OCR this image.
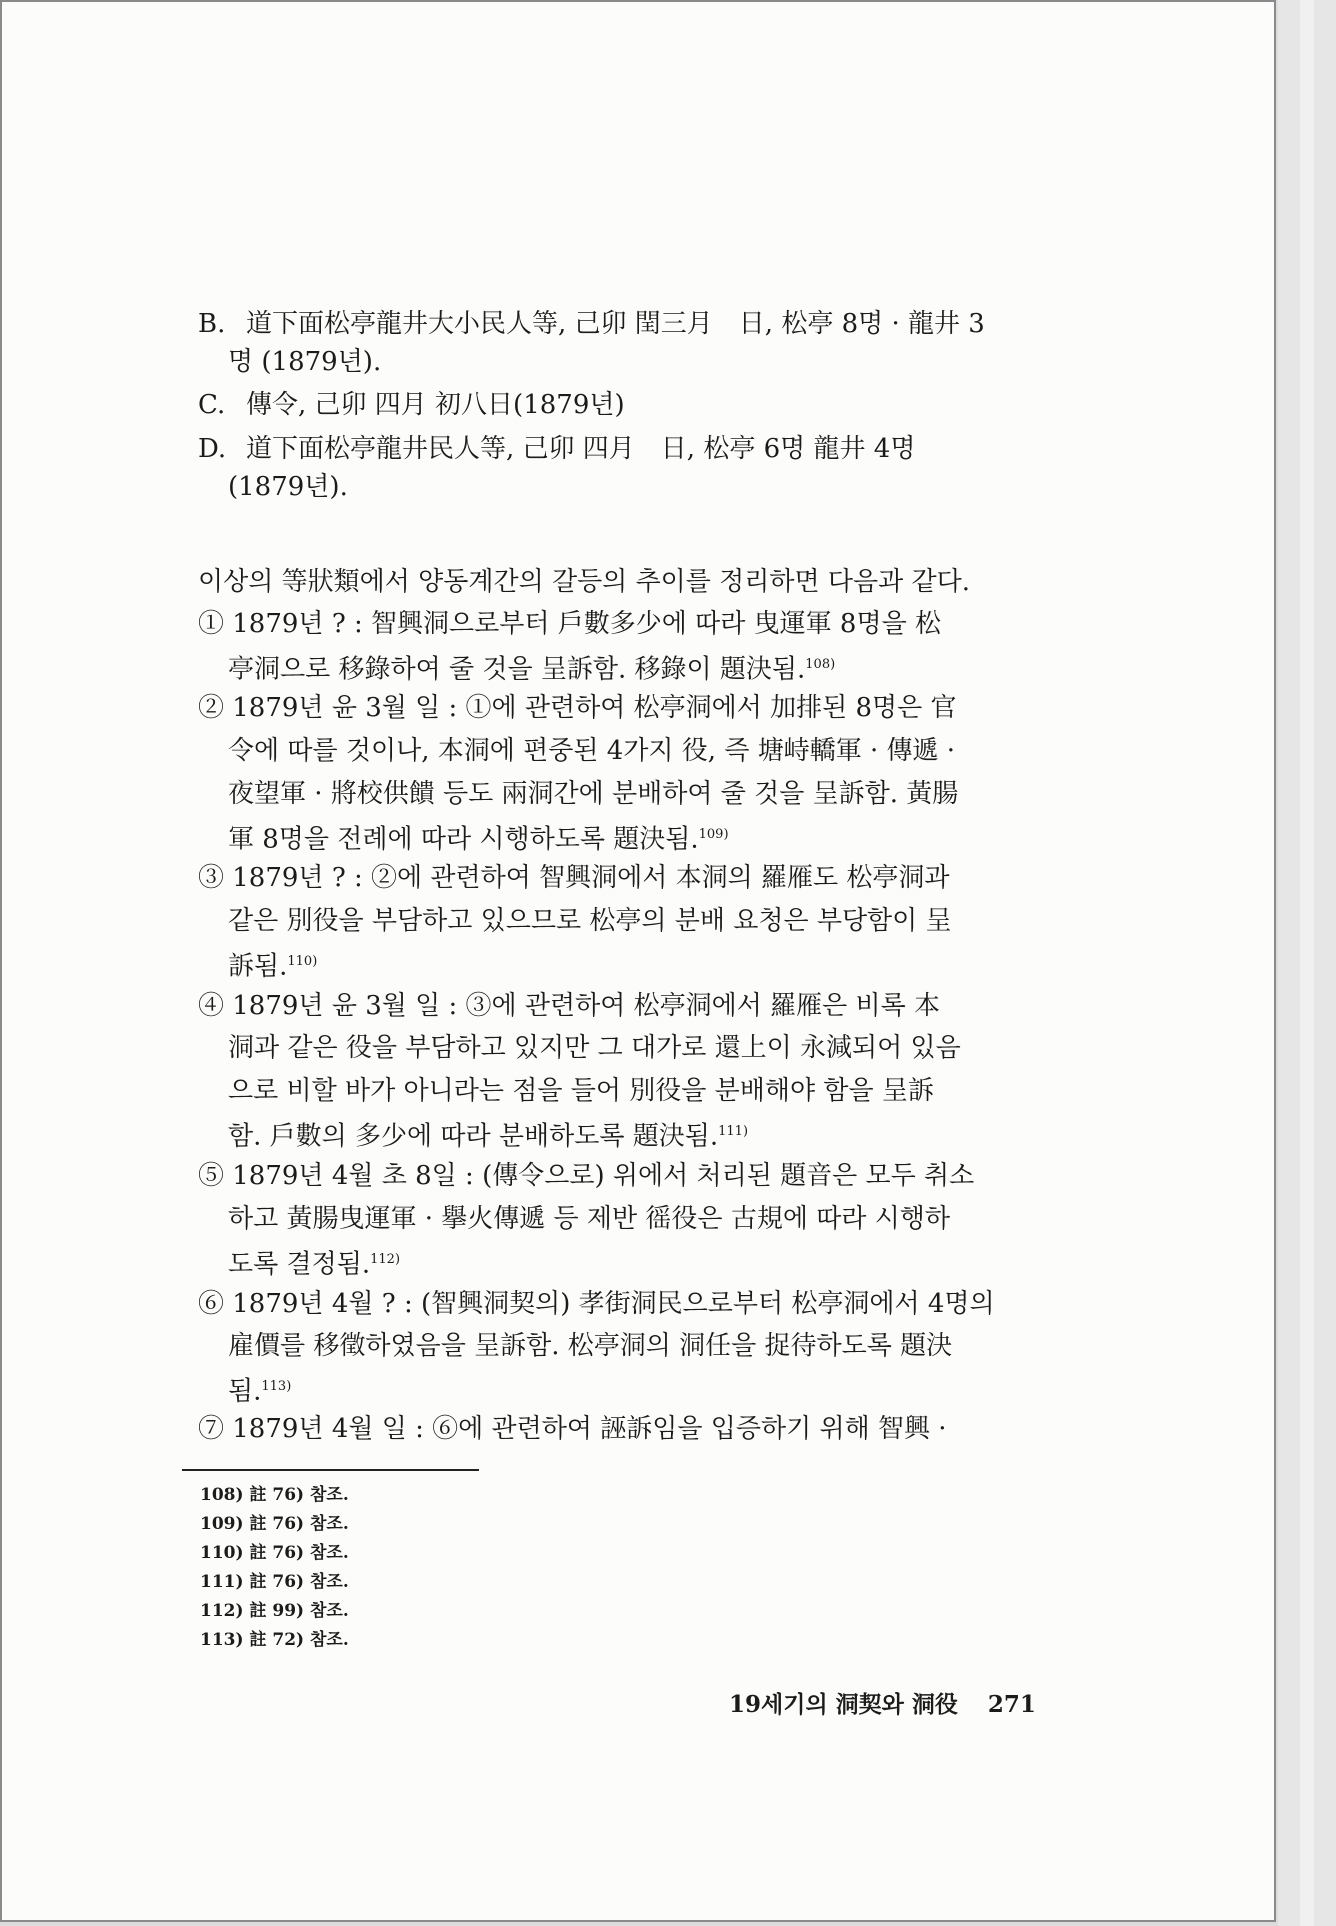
B. 道下面松亭龍井大小民人等, 己卯 閏三月　日, 松亭 8명 · 龍井 3
명 (1879년).
C. 傳令, 己卯 四月 初八日(1879년)
D. 道下面松亭龍井民人等, 己卯 四月　日, 松亭 6명 龍井 4명
(1879년).
이상의 等狀類에서 양동계간의 갈등의 추이를 정리하면 다음과 같다.
① 1879년 ? : 智興洞으로부터 戶數多少에 따라 曳運軍 8명을 松
亭洞으로 移錄하여 줄 것을 呈訴함. 移錄이 題決됨.$^{108)}$
② 1879년 윤 3월 일 : ①에 관련하여 松亭洞에서 加排된 8명은 官
令에 따를 것이나, 本洞에 편중된 4가지 役, 즉 塘峙轎軍 · 傳遞 ·
夜望軍 · 將校供饋 등도 兩洞간에 분배하여 줄 것을 呈訴함. 黃腸
軍 8명을 전례에 따라 시행하도록 題決됨.$^{109)}$
③ 1879년 ? : ②에 관련하여 智興洞에서 本洞의 羅雁도 松亭洞과
같은 別役을 부담하고 있으므로 松亭의 분배 요청은 부당함이 呈
訴됨.$^{110)}$
④ 1879년 윤 3월 일 : ③에 관련하여 松亭洞에서 羅雁은 비록 本
洞과 같은 役을 부담하고 있지만 그 대가로 還上이 永減되어 있음
으로 비할 바가 아니라는 점을 들어 別役을 분배해야 함을 呈訴
함. 戶數의 多少에 따라 분배하도록 題決됨.$^{111)}$
⑤ 1879년 4월 초 8일 : (傳令으로) 위에서 처리된 題音은 모두 취소
하고 黃腸曳運軍 · 擧火傳遞 등 제반 徭役은 古規에 따라 시행하
도록 결정됨.$^{112)}$
⑥ 1879년 4월 ? : (智興洞契의) 孝街洞民으로부터 松亭洞에서 4명의
雇價를 移徵하였음을 呈訴함. 松亭洞의 洞任을 捉待하도록 題決
됨.$^{113)}$
⑦ 1879년 4월 일 : ⑥에 관련하여 誣訴임을 입증하기 위해 智興 ·
108) 註 76) 참조.
109) 註 76) 참조.
110) 註 76) 참조.
111) 註 76) 참조.
112) 註 99) 참조.
113) 註 72) 참조.
19세기의 洞契와 洞役 271
